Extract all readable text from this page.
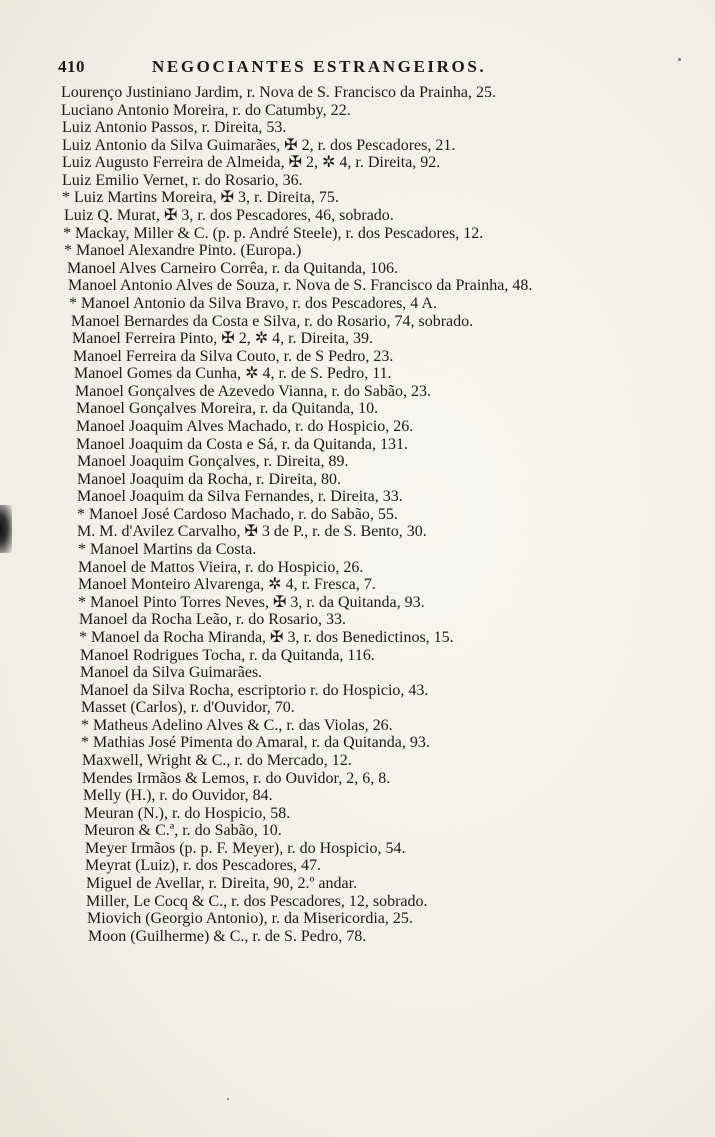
410	NEGOCIANTES ESTRANGEIROS.
Lourenço Justiniano Jardim, r. Nova de S. Francisco da Prainha, 25.
Luciano Antonio Moreira, r. do Catumby, 22.
Luiz Antonio Passos, r. Direita, 53.
Luiz Antonio da Silva Guimarães, ✠ 2, r. dos Pescadores, 21.
Luiz Augusto Ferreira de Almeida, ✠ 2, ✲ 4, r. Direita, 92.
Luiz Emilio Vernet, r. do Rosario, 36.
* Luiz Martins Moreira, ✠ 3, r. Direita, 75.
Luiz Q. Murat, ✠ 3, r. dos Pescadores, 46, sobrado.
* Mackay, Miller & C. (p. p. André Steele), r. dos Pescadores, 12.
* Manoel Alexandre Pinto. (Europa.)
Manoel Alves Carneiro Corrêa, r. da Quitanda, 106.
Manoel Antonio Alves de Souza, r. Nova de S. Francisco da Prainha, 48.
* Manoel Antonio da Silva Bravo, r. dos Pescadores, 4 A.
Manoel Bernardes da Costa e Silva, r. do Rosario, 74, sobrado.
Manoel Ferreira Pinto, ✠ 2, ✲ 4, r. Direita, 39.
Manoel Ferreira da Silva Couto, r. de S Pedro, 23.
Manoel Gomes da Cunha, ✲ 4, r. de S. Pedro, 11.
Manoel Gonçalves de Azevedo Vianna, r. do Sabão, 23.
Manoel Gonçalves Moreira, r. da Quitanda, 10.
Manoel Joaquim Alves Machado, r. do Hospicio, 26.
Manoel Joaquim da Costa e Sá, r. da Quitanda, 131.
Manoel Joaquim Gonçalves, r. Direita, 89.
Manoel Joaquim da Rocha, r. Direita, 80.
Manoel Joaquim da Silva Fernandes, r. Direita, 33.
* Manoel José Cardoso Machado, r. do Sabão, 55.
M. M. d'Avilez Carvalho, ✠ 3 de P., r. de S. Bento, 30.
* Manoel Martins da Costa.
Manoel de Mattos Vieira, r. do Hospicio, 26.
Manoel Monteiro Alvarenga, ✲ 4, r. Fresca, 7.
* Manoel Pinto Torres Neves, ✠ 3, r. da Quitanda, 93.
Manoel da Rocha Leão, r. do Rosario, 33.
* Manoel da Rocha Miranda, ✠ 3, r. dos Benedictinos, 15.
Manoel Rodrigues Tocha, r. da Quitanda, 116.
Manoel da Silva Guimarães.
Manoel da Silva Rocha, escriptorio r. do Hospicio, 43.
Masset (Carlos), r. d'Ouvidor, 70.
* Matheus Adelino Alves & C., r. das Violas, 26.
* Mathias José Pimenta do Amaral, r. da Quitanda, 93.
Maxwell, Wright & C., r. do Mercado, 12.
Mendes Irmãos & Lemos, r. do Ouvidor, 2, 6, 8.
Melly (H.), r. do Ouvidor, 84.
Meuran (N.), r. do Hospicio, 58.
Meuron & C.ª, r. do Sabão, 10.
Meyer Irmãos (p. p. F. Meyer), r. do Hospicio, 54.
Meyrat (Luiz), r. dos Pescadores, 47.
Miguel de Avellar, r. Direita, 90, 2.º andar.
Miller, Le Cocq & C., r. dos Pescadores, 12, sobrado.
Miovich (Georgio Antonio), r. da Misericordia, 25.
Moon (Guilherme) & C., r. de S. Pedro, 78.
